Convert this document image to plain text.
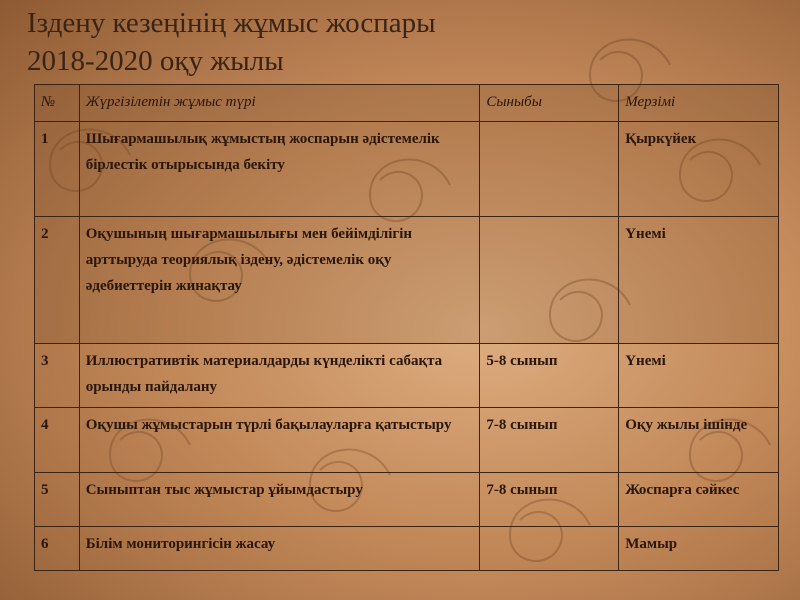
Іздену кезеңінің жұмыс жоспары
2018-2020 оқу жылы
№	Жүргізілетін жұмыс түрі	Сыныбы	Мерзімі
1	Шығармашылық жұмыстың жоспарын әдістемелік бірлестік отырысында бекіту		Қыркүйек
2	Оқушының шығармашылығы мен бейімділігін арттыруда теориялық іздену, әдістемелік оқу әдебиеттерін жинақтау		Үнемі
3	Иллюстративтік материалдарды күнделікті сабақта орынды пайдалану	5-8 сынып	Үнемі
4	Оқушы жұмыстарын түрлі бақылауларға қатыстыру	7-8 сынып	Оқу жылы ішінде
5	Сыныптан тыс жұмыстар ұйымдастыру	7-8 сынып	Жоспарға сәйкес
6	Білім мониторингісін жасау		Мамыр
